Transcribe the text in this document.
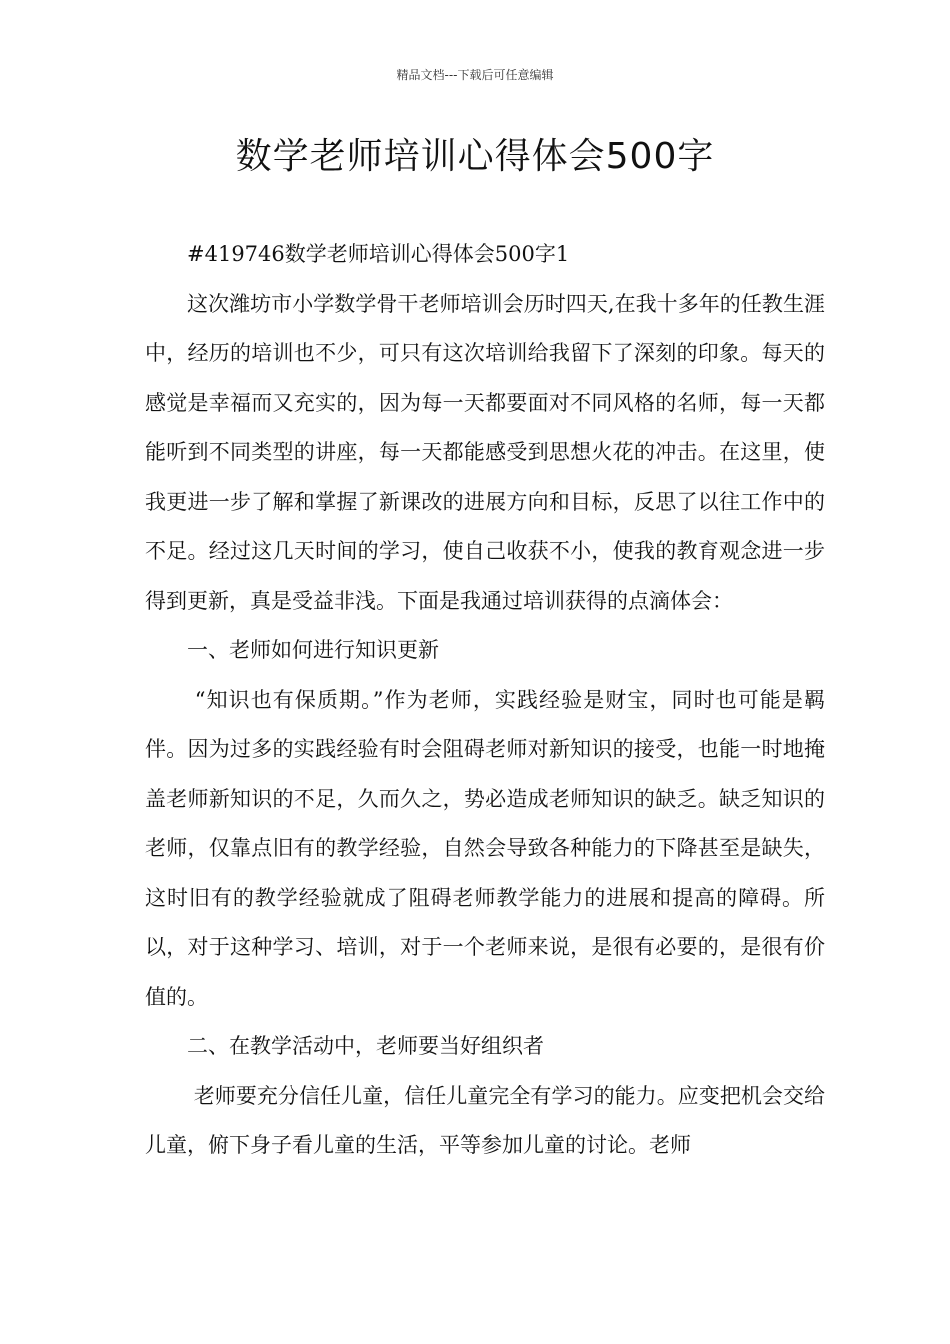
精品文档---下载后可任意编辑
数学老师培训心得体会500字

#419746数学老师培训心得体会500字1

这次潍坊市小学数学骨干老师培训会历时四天,在我十多年的任教生涯中，经历的培训也不少，可只有这次培训给我留下了深刻的印象。每天的感觉是幸福而又充实的，因为每一天都要面对不同风格的名师，每一天都能听到不同类型的讲座，每一天都能感受到思想火花的冲击。在这里，使我更进一步了解和掌握了新课改的进展方向和目标，反思了以往工作中的不足。经过这几天时间的学习，使自己收获不小，使我的教育观念进一步得到更新，真是受益非浅。下面是我通过培训获得的点滴体会：

一、老师如何进行知识更新

“知识也有保质期。”作为老师，实践经验是财宝，同时也可能是羁伴。因为过多的实践经验有时会阻碍老师对新知识的接受，也能一时地掩盖老师新知识的不足，久而久之，势必造成老师知识的缺乏。缺乏知识的老师，仅靠点旧有的教学经验，自然会导致各种能力的下降甚至是缺失，这时旧有的教学经验就成了阻碍老师教学能力的进展和提高的障碍。所以，对于这种学习、培训，对于一个老师来说，是很有必要的，是很有价值的。

二、在教学活动中，老师要当好组织者

老师要充分信任儿童，信任儿童完全有学习的能力。应变把机会交给儿童，俯下身子看儿童的生活，平等参加儿童的讨论。老师
